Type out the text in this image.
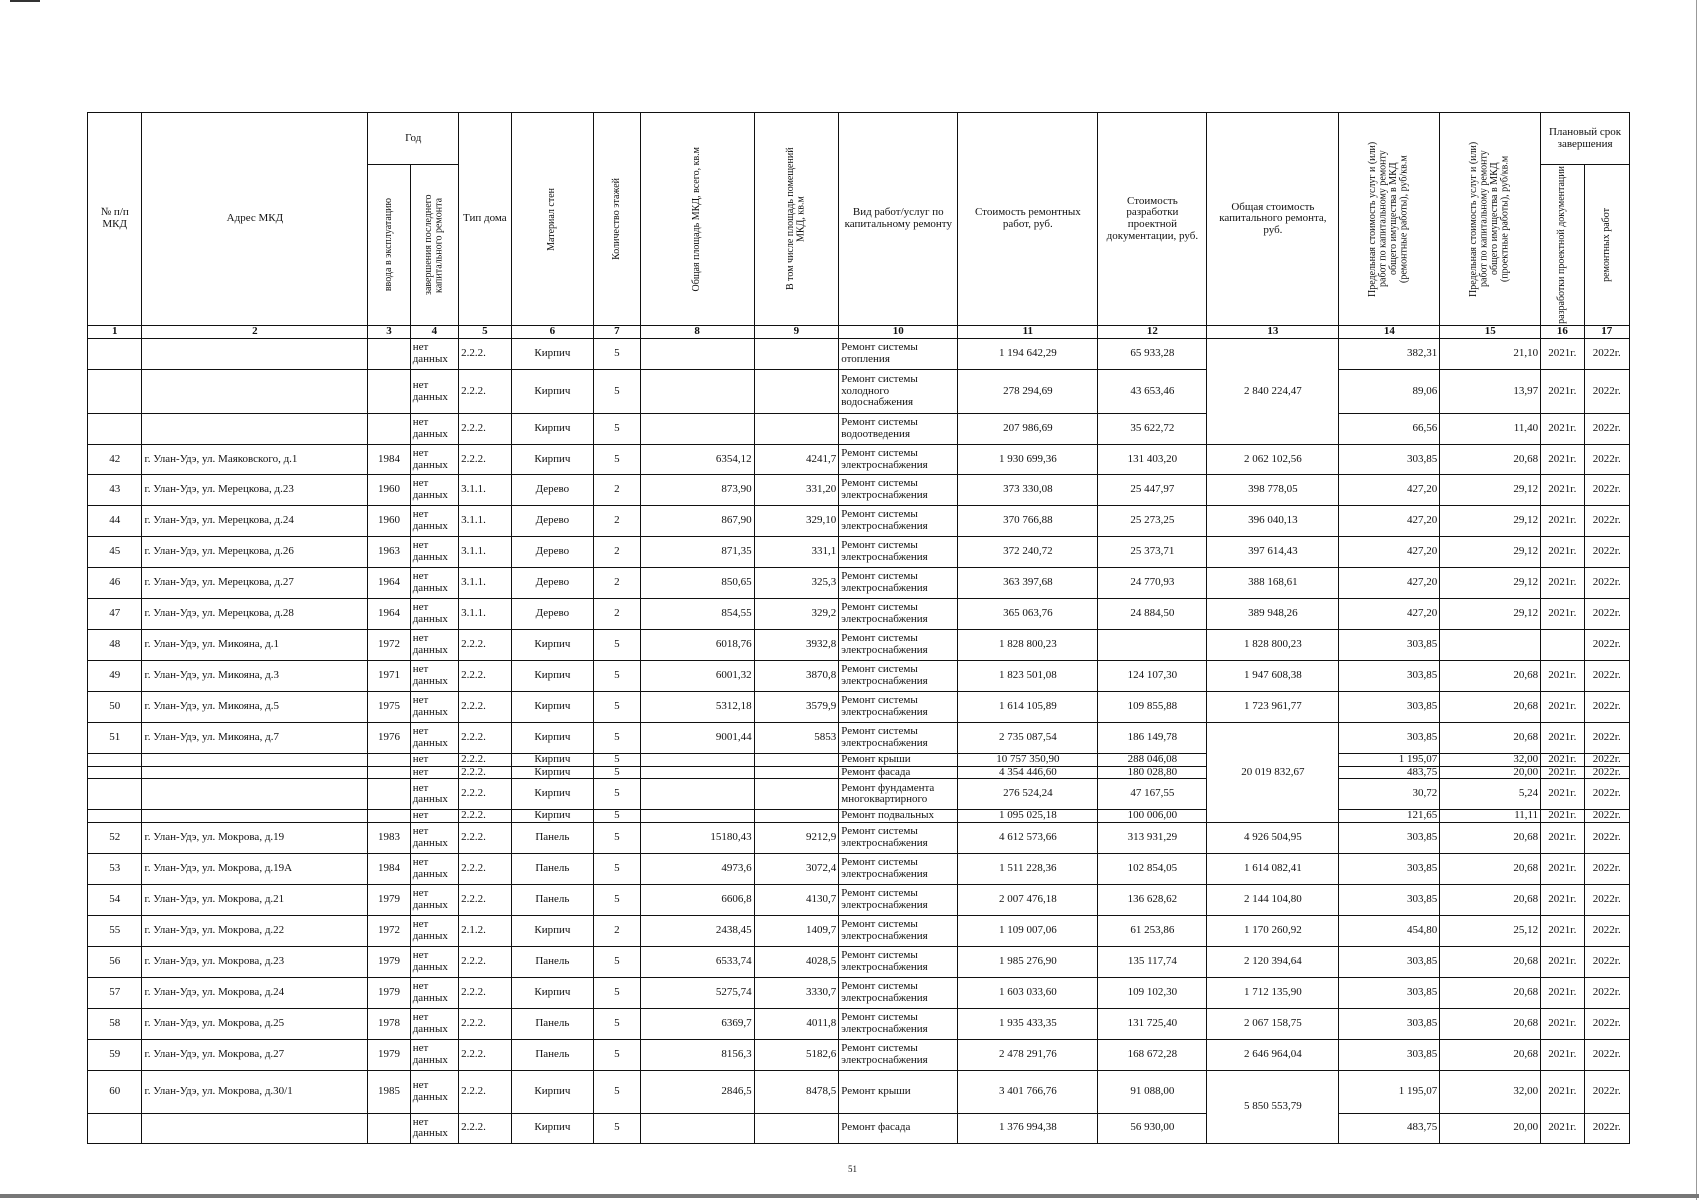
№ п/п МКД	Адрес МКД	Год		Тип дома	Материал стен	Количество этажей	Общая площадь МКД, всего, кв.м	В том числе площадь помещений МКД, кв.м	Вид работ/услуг по капитальному ремонту	Стоимость ремонтных работ, руб.	Стоимость разработки проектной документации, руб.	Общая стоимость капитального ремонта, руб.	Предельная стоимость услуг и (или) работ по капитальному ремонту общего имущества в МКД (ремонтные работы), руб/кв.м	Предельная стоимость услуг и (или) работ по капитальному ремонту общего имущества в МКД (проектные работы), руб/кв.м	Плановый срок завершения	

		ввода в эксплуатацию	завершения последнего капитального ремонта												разработки проектной документации	ремонтных работ

1	2	3	4	5	6	7	8	9	10	11	12	13	14	15	16	17
			нет данных	2.2.2.	Кирпич	5			Ремонт системы отопления	1 194 642,29	65 933,28	2 840 224,47	382,31	21,10	2021г.	2022г.
			нет данных	2.2.2.	Кирпич	5			Ремонт системы холодного водоснабжения	278 294,69	43 653,46		89,06	13,97	2021г.	2022г.
			нет данных	2.2.2.	Кирпич	5			Ремонт системы водоотведения	207 986,69	35 622,72		66,56	11,40	2021г.	2022г.
42	г. Улан-Удэ, ул. Маяковского, д.1	1984	нет данных	2.2.2.	Кирпич	5	6354,12	4241,7	Ремонт системы электроснабжения	1 930 699,36	131 403,20	2 062 102,56	303,85	20,68	2021г.	2022г.
43	г. Улан-Удэ, ул. Мерецкова, д.23	1960	нет данных	3.1.1.	Дерево	2	873,90	331,20	Ремонт системы электроснабжения	373 330,08	25 447,97	398 778,05	427,20	29,12	2021г.	2022г.
44	г. Улан-Удэ, ул. Мерецкова, д.24	1960	нет данных	3.1.1.	Дерево	2	867,90	329,10	Ремонт системы электроснабжения	370 766,88	25 273,25	396 040,13	427,20	29,12	2021г.	2022г.
45	г. Улан-Удэ, ул. Мерецкова, д.26	1963	нет данных	3.1.1.	Дерево	2	871,35	331,1	Ремонт системы электроснабжения	372 240,72	25 373,71	397 614,43	427,20	29,12	2021г.	2022г.
46	г. Улан-Удэ, ул. Мерецкова, д.27	1964	нет данных	3.1.1.	Дерево	2	850,65	325,3	Ремонт системы электроснабжения	363 397,68	24 770,93	388 168,61	427,20	29,12	2021г.	2022г.
47	г. Улан-Удэ, ул. Мерецкова, д.28	1964	нет данных	3.1.1.	Дерево	2	854,55	329,2	Ремонт системы электроснабжения	365 063,76	24 884,50	389 948,26	427,20	29,12	2021г.	2022г.
48	г. Улан-Удэ, ул. Микояна, д.1	1972	нет данных	2.2.2.	Кирпич	5	6018,76	3932,8	Ремонт системы электроснабжения	1 828 800,23		1 828 800,23	303,85			2022г.
49	г. Улан-Удэ, ул. Микояна, д.3	1971	нет данных	2.2.2.	Кирпич	5	6001,32	3870,8	Ремонт системы электроснабжения	1 823 501,08	124 107,30	1 947 608,38	303,85	20,68	2021г.	2022г.
50	г. Улан-Удэ, ул. Микояна, д.5	1975	нет данных	2.2.2.	Кирпич	5	5312,18	3579,9	Ремонт системы электроснабжения	1 614 105,89	109 855,88	1 723 961,77	303,85	20,68	2021г.	2022г.
51	г. Улан-Удэ, ул. Микояна, д.7	1976	нет данных	2.2.2.	Кирпич	5	9001,44	5853	Ремонт системы электроснабжения	2 735 087,54	186 149,78	20 019 832,67	303,85	20,68	2021г.	2022г.
			нет	2.2.2.	Кирпич	5			Ремонт крыши	10 757 350,90	288 046,08		1 195,07	32,00	2021г.	2022г.
			нет	2.2.2.	Кирпич	5			Ремонт фасада	4 354 446,60	180 028,80		483,75	20,00	2021г.	2022г.
			нет данных	2.2.2.	Кирпич	5			Ремонт фундамента многоквартирного	276 524,24	47 167,55		30,72	5,24	2021г.	2022г.
			нет	2.2.2.	Кирпич	5			Ремонт подвальных	1 095 025,18	100 006,00		121,65	11,11	2021г.	2022г.
52	г. Улан-Удэ, ул. Мокрова, д.19	1983	нет данных	2.2.2.	Панель	5	15180,43	9212,9	Ремонт системы электроснабжения	4 612 573,66	313 931,29	4 926 504,95	303,85	20,68	2021г.	2022г.
53	г. Улан-Удэ, ул. Мокрова, д.19А	1984	нет данных	2.2.2.	Панель	5	4973,6	3072,4	Ремонт системы электроснабжения	1 511 228,36	102 854,05	1 614 082,41	303,85	20,68	2021г.	2022г.
54	г. Улан-Удэ, ул. Мокрова, д.21	1979	нет данных	2.2.2.	Панель	5	6606,8	4130,7	Ремонт системы электроснабжения	2 007 476,18	136 628,62	2 144 104,80	303,85	20,68	2021г.	2022г.
55	г. Улан-Удэ, ул. Мокрова, д.22	1972	нет данных	2.1.2.	Кирпич	2	2438,45	1409,7	Ремонт системы электроснабжения	1 109 007,06	61 253,86	1 170 260,92	454,80	25,12	2021г.	2022г.
56	г. Улан-Удэ, ул. Мокрова, д.23	1979	нет данных	2.2.2.	Панель	5	6533,74	4028,5	Ремонт системы электроснабжения	1 985 276,90	135 117,74	2 120 394,64	303,85	20,68	2021г.	2022г.
57	г. Улан-Удэ, ул. Мокрова, д.24	1979	нет данных	2.2.2.	Кирпич	5	5275,74	3330,7	Ремонт системы электроснабжения	1 603 033,60	109 102,30	1 712 135,90	303,85	20,68	2021г.	2022г.
58	г. Улан-Удэ, ул. Мокрова, д.25	1978	нет данных	2.2.2.	Панель	5	6369,7	4011,8	Ремонт системы электроснабжения	1 935 433,35	131 725,40	2 067 158,75	303,85	20,68	2021г.	2022г.
59	г. Улан-Удэ, ул. Мокрова, д.27	1979	нет данных	2.2.2.	Панель	5	8156,3	5182,6	Ремонт системы электроснабжения	2 478 291,76	168 672,28	2 646 964,04	303,85	20,68	2021г.	2022г.
60	г. Улан-Удэ, ул. Мокрова, д.30/1	1985	нет данных	2.2.2.	Кирпич	5	2846,5	8478,5	Ремонт крыши	3 401 766,76	91 088,00	5 850 553,79	1 195,07	32,00	2021г.	2022г.
			нет данных	2.2.2.	Кирпич	5			Ремонт фасада	1 376 994,38	56 930,00		483,75	20,00	2021г.	2022г.
51
